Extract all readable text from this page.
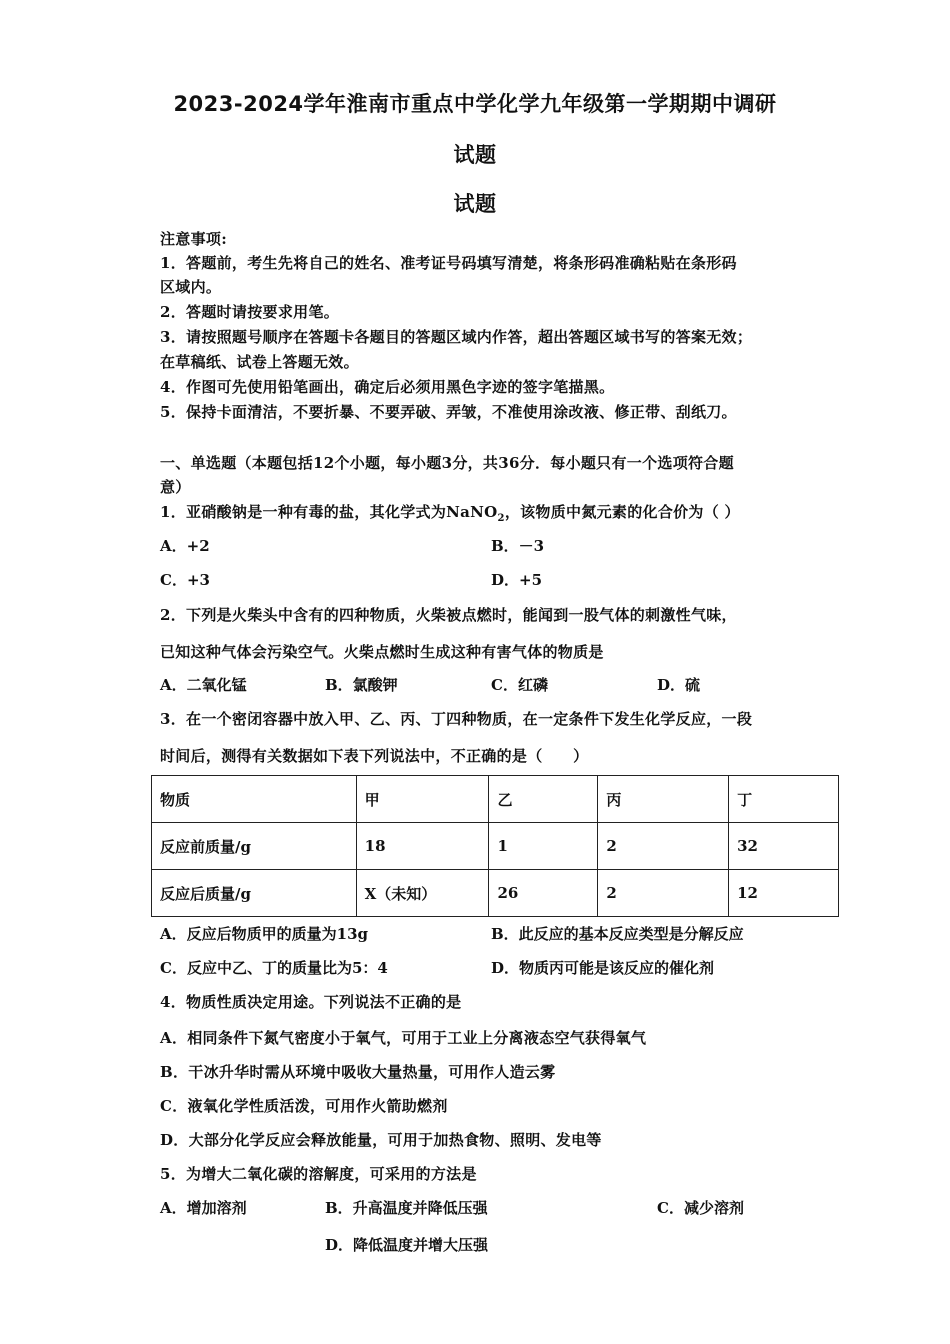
2023-2024学年淮南市重点中学化学九年级第一学期期中调研
试题
试题
注意事项:
1．答题前，考生先将自己的姓名、准考证号码填写清楚，将条形码准确粘贴在条形码
区域内。
2．答题时请按要求用笔。
3．请按照题号顺序在答题卡各题目的答题区域内作答，超出答题区域书写的答案无效；
在草稿纸、试卷上答题无效。
4．作图可先使用铅笔画出，确定后必须用黑色字迹的签字笔描黑。
5．保持卡面清洁，不要折暴、不要弄破、弄皱，不准使用涂改液、修正带、刮纸刀。
一、单选题（本题包括12个小题，每小题3分，共36分．每小题只有一个选项符合题
意）
1．亚硝酸钠是一种有毒的盐，其化学式为NaNO$_2$，该物质中氮元素的化合价为（ ）
A．+2	B．－3
C．+3	D．+5
2．下列是火柴头中含有的四种物质，火柴被点燃时，能闻到一股气体的刺激性气味，
已知这种气体会污染空气。火柴点燃时生成这种有害气体的物质是
A．二氧化锰	B．氯酸钾	C．红磷	D．硫
3．在一个密闭容器中放入甲、乙、丙、丁四种物质，在一定条件下发生化学反应，一段
时间后，测得有关数据如下表下列说法中，不正确的是（　　）
物质	甲	乙	丙	丁
反应前质量/g	18	1	2	32
反应后质量/g	X（未知）	26	2	12
A．反应后物质甲的质量为13g	B．此反应的基本反应类型是分解反应
C．反应中乙、丁的质量比为5：4	D．物质丙可能是该反应的催化剂
4．物质性质决定用途。下列说法不正确的是
A．相同条件下氮气密度小于氧气，可用于工业上分离液态空气获得氧气
B．干冰升华时需从环境中吸收大量热量，可用作人造云雾
C．液氧化学性质活泼，可用作火箭助燃剂
D．大部分化学反应会释放能量，可用于加热食物、照明、发电等
5．为增大二氧化碳的溶解度，可采用的方法是
A．增加溶剂	B．升高温度并降低压强	C．减少溶剂
D．降低温度并增大压强
